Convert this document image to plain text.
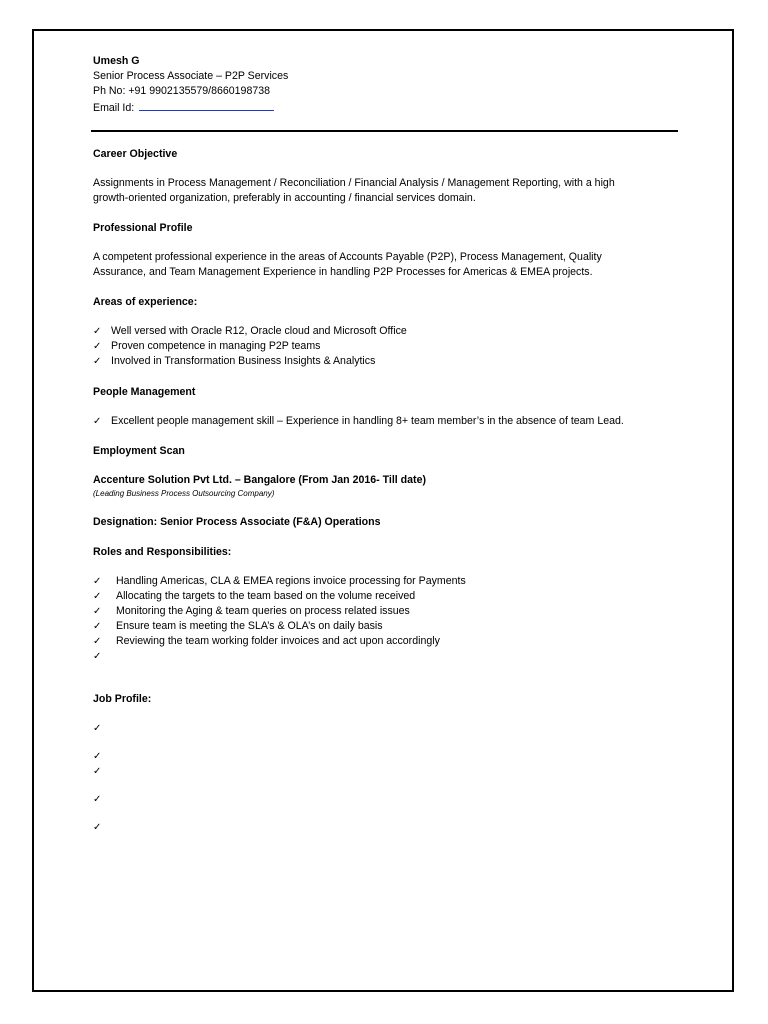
Umesh G

Senior Process Associate – P2P Services

Ph No: +91 9902135579/8660198738

Email Id:

Career Objective

Assignments in Process Management / Reconciliation / Financial Analysis / Management Reporting, with a high

growth-oriented organization, preferably in accounting / financial services domain.

Professional Profile

A competent professional experience in the areas of Accounts Payable (P2P), Process Management, Quality

Assurance, and Team Management Experience in handling P2P Processes for Americas & EMEA projects.

Areas of experience:

✓ Well versed with Oracle R12, Oracle cloud and Microsoft Office
✓ Proven competence in managing P2P teams
✓ Involved in Transformation Business Insights & Analytics

People Management

✓ Excellent people management skill – Experience in handling 8+ team member’s in the absence of team Lead.

Employment Scan

Accenture Solution Pvt Ltd. – Bangalore (From Jan 2016- Till date)

(Leading Business Process Outsourcing Company)

Designation: Senior Process Associate (F&A) Operations

Roles and Responsibilities:

✓ Handling Americas, CLA & EMEA regions invoice processing for Payments
✓ Allocating the targets to the team based on the volume received
✓ Monitoring the Aging & team queries on process related issues
✓ Ensure team is meeting the SLA’s & OLA’s on daily basis
✓ Reviewing the team working folder invoices and act upon accordingly
✓

Job Profile:

✓
✓
✓
✓
✓
